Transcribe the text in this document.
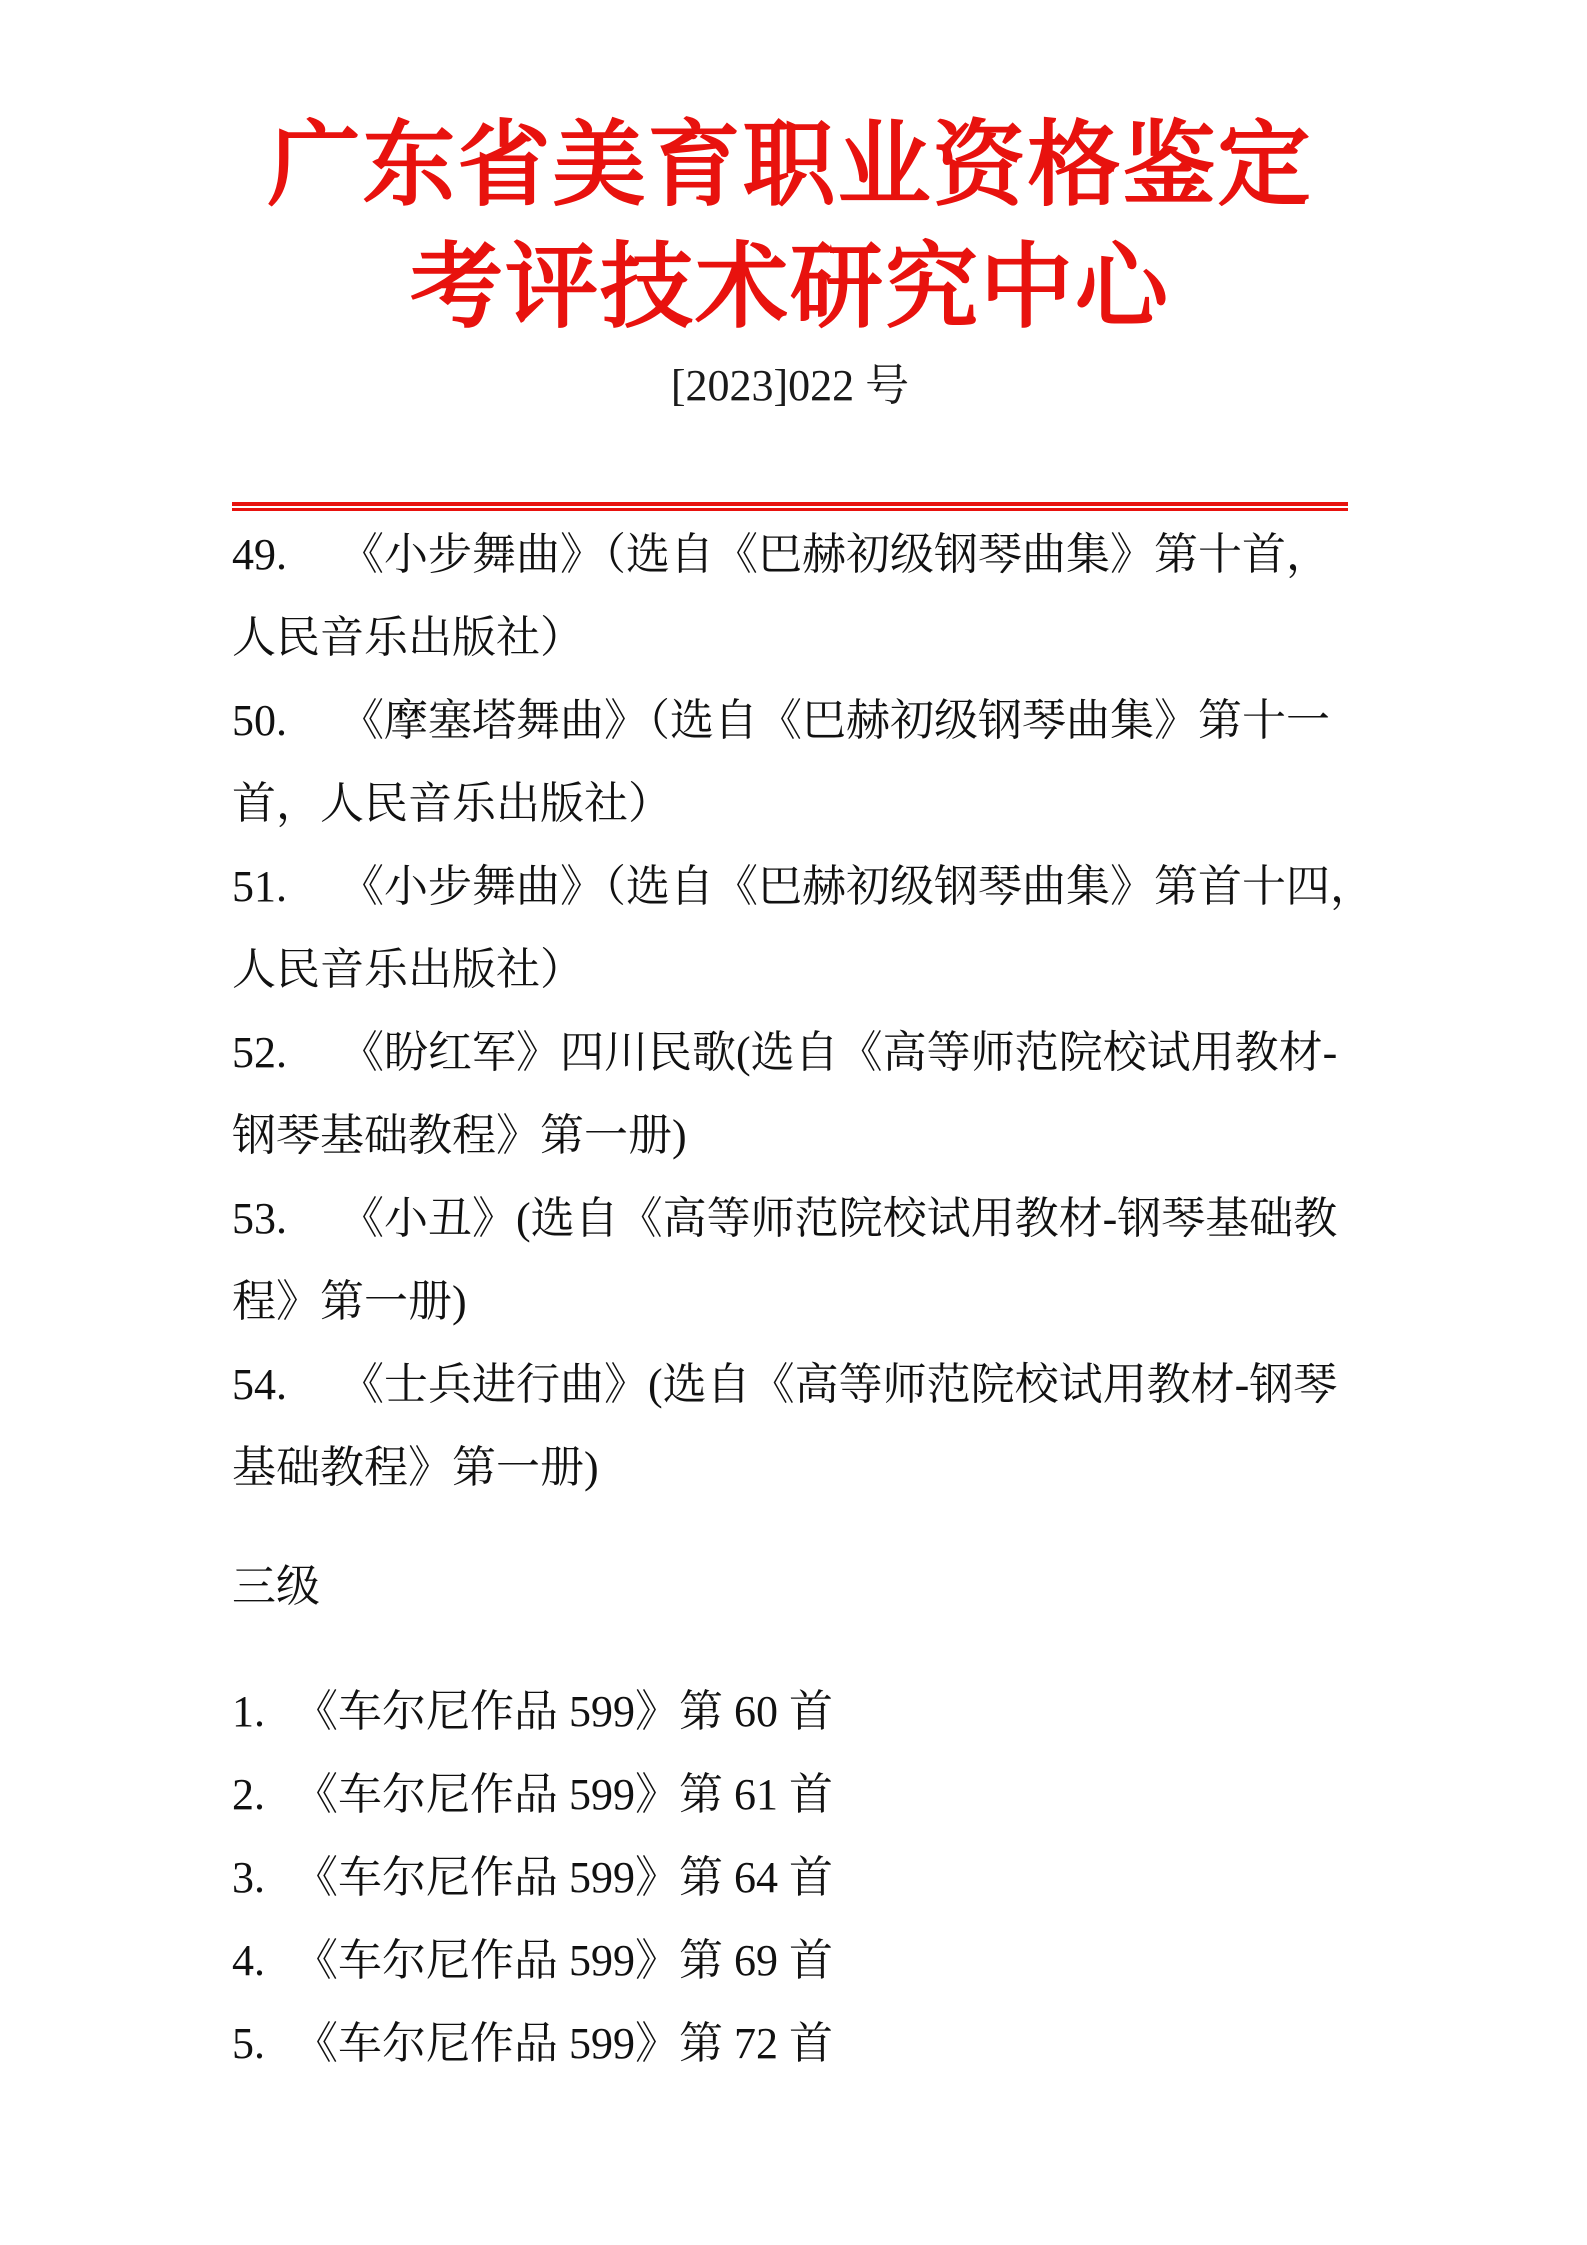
广东省美育职业资格鉴定
考评技术研究中心
[2023]022 号
49. 《小步舞曲》（选自《巴赫初级钢琴曲集》第十首，
人民音乐出版社）
50. 《摩塞塔舞曲》（选自《巴赫初级钢琴曲集》第十一
首，人民音乐出版社）
51. 《小步舞曲》（选自《巴赫初级钢琴曲集》第首十四，
人民音乐出版社）
52. 《盼红军》四川民歌(选自《高等师范院校试用教材-
钢琴基础教程》第一册)
53. 《小丑》(选自《高等师范院校试用教材-钢琴基础教
程》第一册)
54. 《士兵进行曲》(选自《高等师范院校试用教材-钢琴
基础教程》第一册)
三级
1. 《车尔尼作品 599》第 60 首
2. 《车尔尼作品 599》第 61 首
3. 《车尔尼作品 599》第 64 首
4. 《车尔尼作品 599》第 69 首
5. 《车尔尼作品 599》第 72 首
